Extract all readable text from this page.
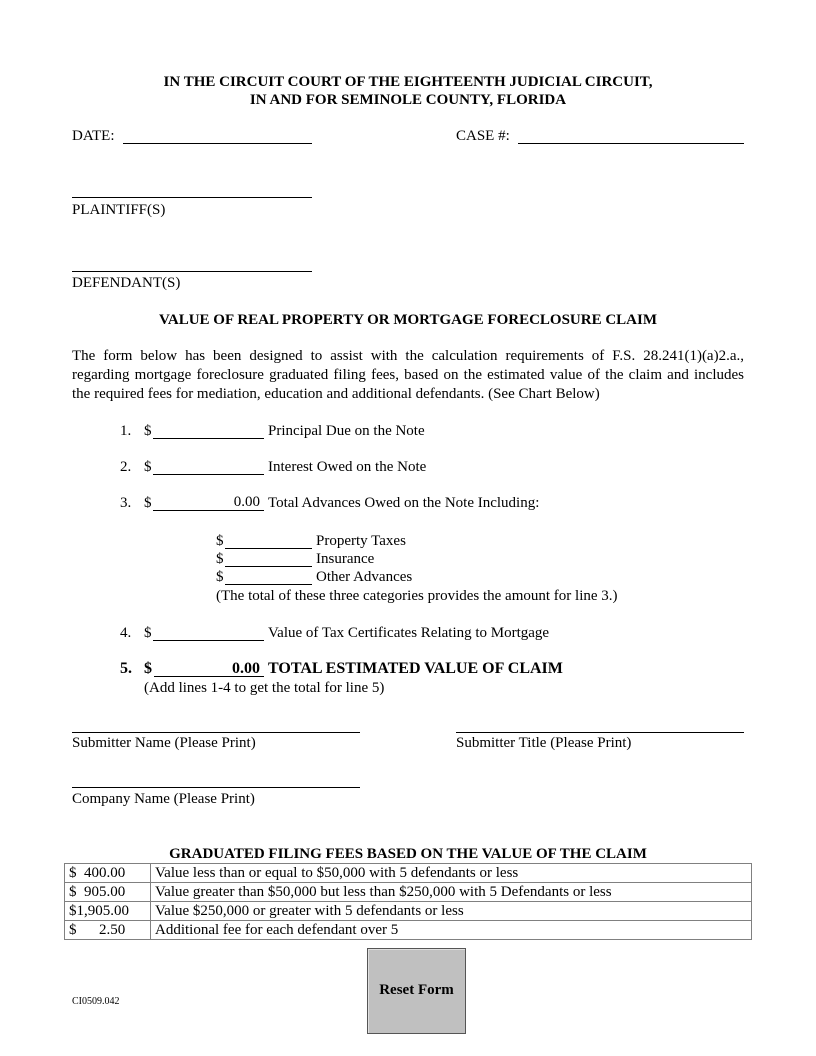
IN THE CIRCUIT COURT OF THE EIGHTEENTH JUDICIAL CIRCUIT,
IN AND FOR SEMINOLE COUNTY, FLORIDA
DATE:	CASE #:
PLAINTIFF(S)
DEFENDANT(S)
VALUE OF REAL PROPERTY OR MORTGAGE FORECLOSURE CLAIM
The form below has been designed to assist with the calculation requirements of F.S. 28.241(1)(a)2.a., regarding mortgage foreclosure graduated filing fees, based on the estimated value of the claim and includes the required fees for mediation, education and additional defendants. (See Chart Below)
1. $	Principal Due on the Note
2. $	Interest Owed on the Note
3. $	0.00 Total Advances Owed on the Note Including:
$	Property Taxes
$	Insurance
$	Other Advances
(The total of these three categories provides the amount for line 3.)
4. $	Value of Tax Certificates Relating to Mortgage
5. $	0.00 TOTAL ESTIMATED VALUE OF CLAIM
(Add lines 1-4 to get the total for line 5)
Submitter Name (Please Print)	Submitter Title (Please Print)
Company Name (Please Print)
GRADUATED FILING FEES BASED ON THE VALUE OF THE CLAIM
$  400.00	Value less than or equal to $50,000 with 5 defendants or less
$  905.00	Value greater than $50,000 but less than $250,000 with 5 Defendants or less
$1,905.00	Value $250,000 or greater with 5 defendants or less
$      2.50	Additional fee for each defendant over 5
Reset Form
CI0509.042
